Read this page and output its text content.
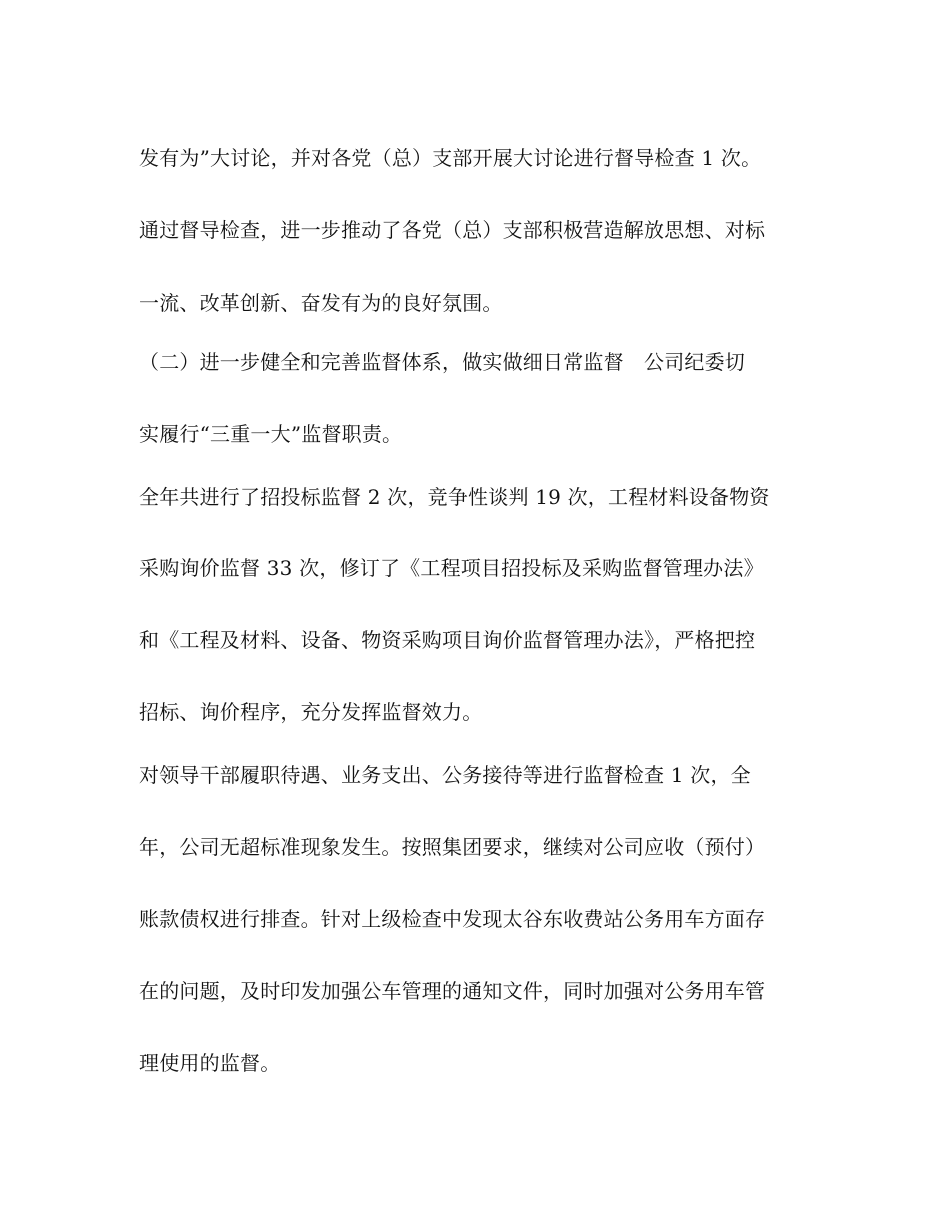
发有为”大讨论，并对各党（总）支部开展大讨论进行督导检查 1 次。
通过督导检查，进一步推动了各党（总）支部积极营造解放思想、对标
一流、改革创新、奋发有为的良好氛围。
（二）进一步健全和完善监督体系，做实做细日常监督　公司纪委切
实履行“三重一大”监督职责。
全年共进行了招投标监督 2 次，竞争性谈判 19 次，工程材料设备物资
采购询价监督 33 次，修订了《工程项目招投标及采购监督管理办法》
和《工程及材料、设备、物资采购项目询价监督管理办法》，严格把控
招标、询价程序，充分发挥监督效力。
对领导干部履职待遇、业务支出、公务接待等进行监督检查 1 次，全
年，公司无超标准现象发生。按照集团要求，继续对公司应收（预付）
账款债权进行排查。针对上级检查中发现太谷东收费站公务用车方面存
在的问题，及时印发加强公车管理的通知文件，同时加强对公务用车管
理使用的监督。
